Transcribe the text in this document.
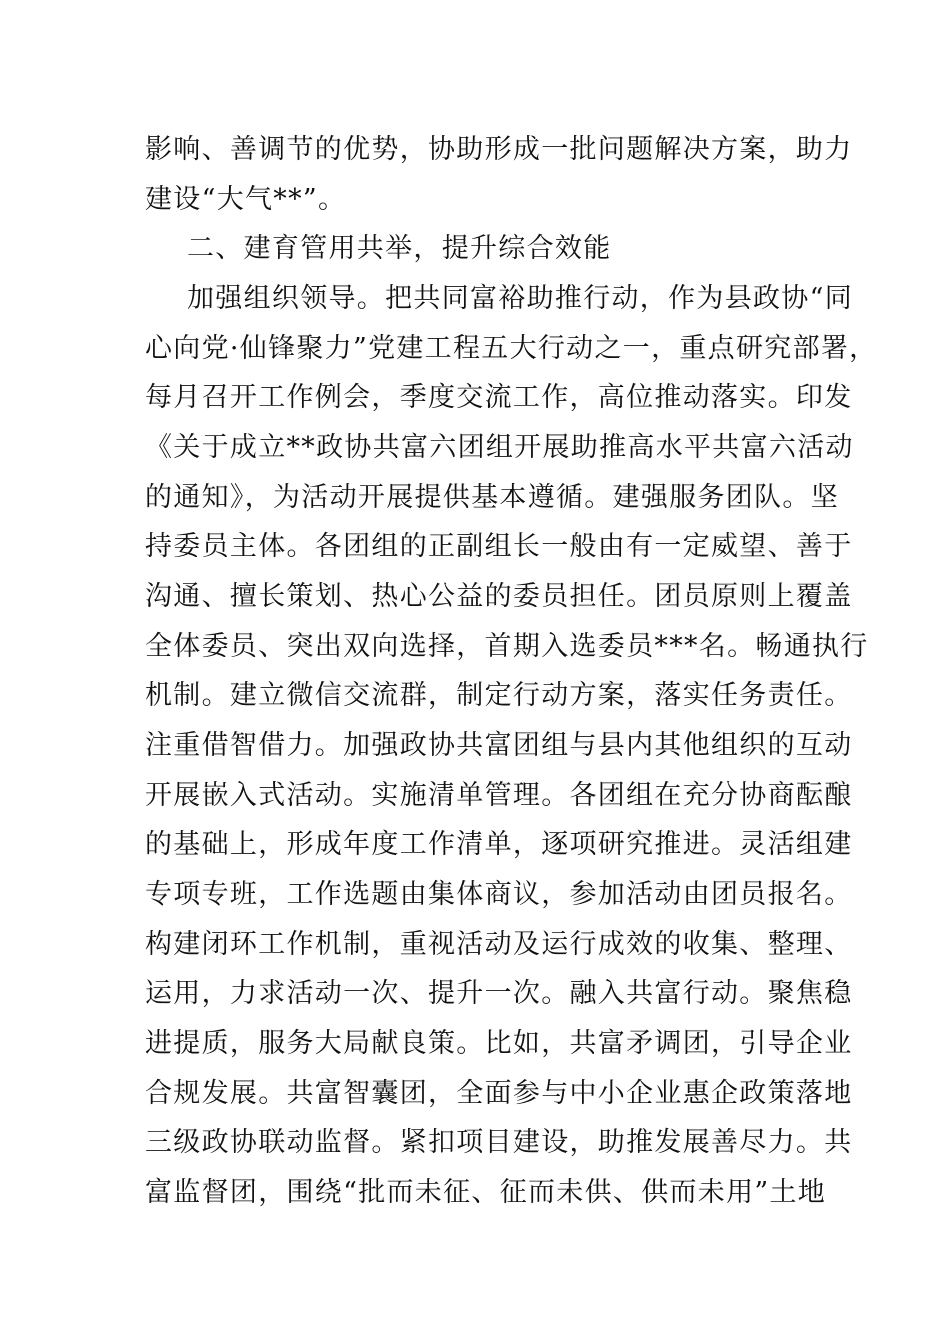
影响、善调节的优势，协助形成一批问题解决方案，助力
建设“大气**”。
二、建育管用共举，提升综合效能
加强组织领导。把共同富裕助推行动，作为县政协“同
心向党·仙锋聚力”党建工程五大行动之一，重点研究部署，
每月召开工作例会，季度交流工作，高位推动落实。印发
《关于成立**政协共富六团组开展助推高水平共富六活动
的通知》，为活动开展提供基本遵循。建强服务团队。坚
持委员主体。各团组的正副组长一般由有一定威望、善于
沟通、擅长策划、热心公益的委员担任。团员原则上覆盖
全体委员、突出双向选择，首期入选委员***名。畅通执行
机制。建立微信交流群，制定行动方案，落实任务责任。
注重借智借力。加强政协共富团组与县内其他组织的互动
开展嵌入式活动。实施清单管理。各团组在充分协商酝酿
的基础上，形成年度工作清单，逐项研究推进。灵活组建
专项专班，工作选题由集体商议，参加活动由团员报名。
构建闭环工作机制，重视活动及运行成效的收集、整理、
运用，力求活动一次、提升一次。融入共富行动。聚焦稳
进提质，服务大局献良策。比如，共富矛调团，引导企业
合规发展。共富智囊团，全面参与中小企业惠企政策落地
三级政协联动监督。紧扣项目建设，助推发展善尽力。共
富监督团，围绕“批而未征、征而未供、供而未用”土地
